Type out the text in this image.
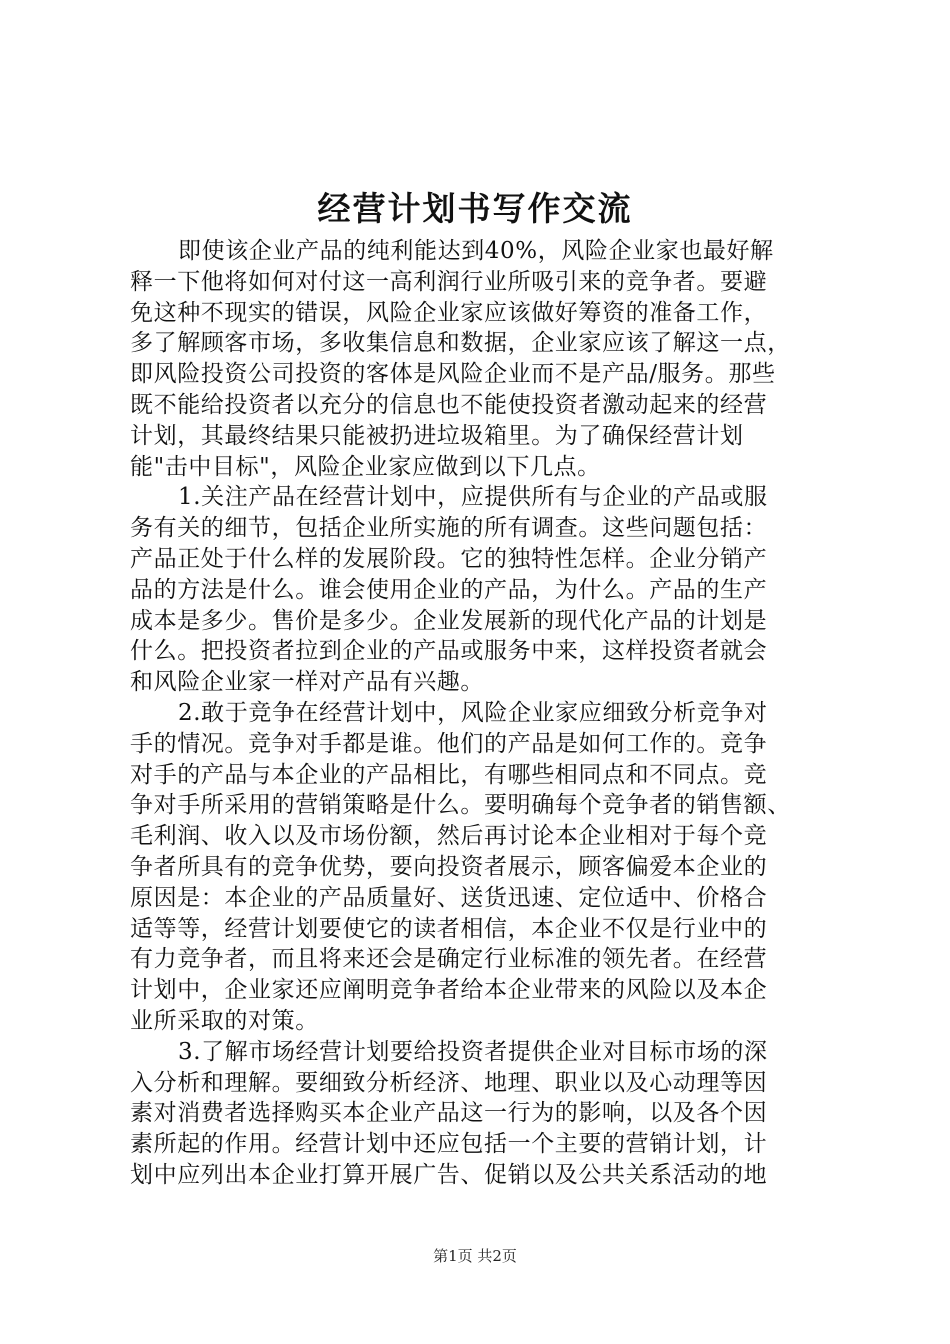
经营计划书写作交流
即使该企业产品的纯利能达到40%，风险企业家也最好解
释一下他将如何对付这一高利润行业所吸引来的竞争者。要避
免这种不现实的错误，风险企业家应该做好筹资的准备工作，
多了解顾客市场，多收集信息和数据，企业家应该了解这一点，
即风险投资公司投资的客体是风险企业而不是产品/服务。那些
既不能给投资者以充分的信息也不能使投资者激动起来的经营
计划，其最终结果只能被扔进垃圾箱里。为了确保经营计划
能"击中目标"，风险企业家应做到以下几点。
1.关注产品在经营计划中，应提供所有与企业的产品或服
务有关的细节，包括企业所实施的所有调查。这些问题包括：
产品正处于什么样的发展阶段。它的独特性怎样。企业分销产
品的方法是什么。谁会使用企业的产品，为什么。产品的生产
成本是多少。售价是多少。企业发展新的现代化产品的计划是
什么。把投资者拉到企业的产品或服务中来，这样投资者就会
和风险企业家一样对产品有兴趣。
2.敢于竞争在经营计划中，风险企业家应细致分析竞争对
手的情况。竞争对手都是谁。他们的产品是如何工作的。竞争
对手的产品与本企业的产品相比，有哪些相同点和不同点。竞
争对手所采用的营销策略是什么。要明确每个竞争者的销售额、
毛利润、收入以及市场份额，然后再讨论本企业相对于每个竞
争者所具有的竞争优势，要向投资者展示，顾客偏爱本企业的
原因是：本企业的产品质量好、送货迅速、定位适中、价格合
适等等，经营计划要使它的读者相信，本企业不仅是行业中的
有力竞争者，而且将来还会是确定行业标准的领先者。在经营
计划中，企业家还应阐明竞争者给本企业带来的风险以及本企
业所采取的对策。
3.了解市场经营计划要给投资者提供企业对目标市场的深
入分析和理解。要细致分析经济、地理、职业以及心动理等因
素对消费者选择购买本企业产品这一行为的影响，以及各个因
素所起的作用。经营计划中还应包括一个主要的营销计划，计
划中应列出本企业打算开展广告、促销以及公共关系活动的地
第1页 共2页
